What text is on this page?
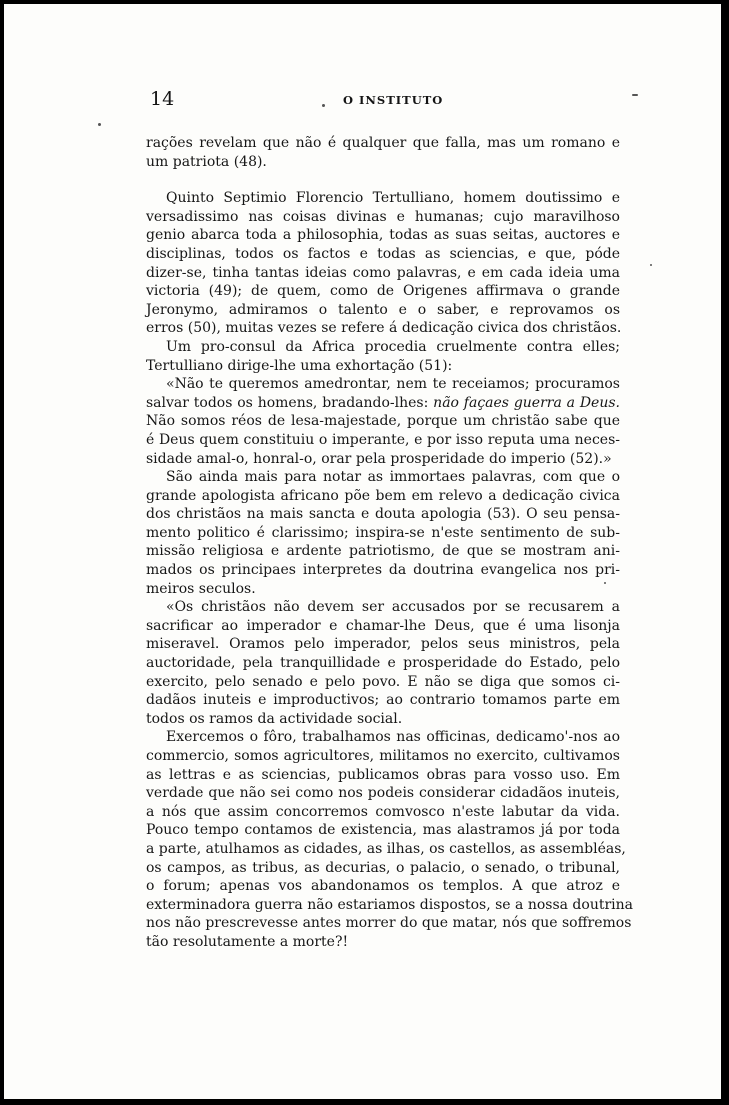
14	O INSTITUTO
rações revelam que não é qualquer que falla, mas um romano e
um patriota (48).
Quinto Septimio Florencio Tertulliano, homem doutissimo e
versadissimo nas coisas divinas e humanas; cujo maravilhoso
genio abarca toda a philosophia, todas as suas seitas, auctores e
disciplinas, todos os factos e todas as sciencias, e que, póde
dizer-se, tinha tantas ideias como palavras, e em cada ideia uma
victoria (49); de quem, como de Origenes affirmava o grande
Jeronymo, admiramos o talento e o saber, e reprovamos os
erros (50), muitas vezes se refere á dedicação civica dos christãos.
Um pro-consul da Africa procedia cruelmente contra elles;
Tertulliano dirige-lhe uma exhortação (51):
«Não te queremos amedrontar, nem te receiamos; procuramos
salvar todos os homens, bradando-lhes: não façaes guerra a Deus.
Não somos réos de lesa-majestade, porque um christão sabe que
é Deus quem constituiu o imperante, e por isso reputa uma neces-
sidade amal-o, honral-o, orar pela prosperidade do imperio (52).»
São ainda mais para notar as immortaes palavras, com que o
grande apologista africano põe bem em relevo a dedicação civica
dos christãos na mais sancta e douta apologia (53). O seu pensa-
mento politico é clarissimo; inspira-se n'este sentimento de sub-
missão religiosa e ardente patriotismo, de que se mostram ani-
mados os principaes interpretes da doutrina evangelica nos pri-
meiros seculos.
«Os christãos não devem ser accusados por se recusarem a
sacrificar ao imperador e chamar-lhe Deus, que é uma lisonja
miseravel. Oramos pelo imperador, pelos seus ministros, pela
auctoridade, pela tranquillidade e prosperidade do Estado, pelo
exercito, pelo senado e pelo povo. E não se diga que somos ci-
dadãos inuteis e improductivos; ao contrario tomamos parte em
todos os ramos da actividade social.
Exercemos o fôro, trabalhamos nas officinas, dedicamo'-nos ao
commercio, somos agricultores, militamos no exercito, cultivamos
as lettras e as sciencias, publicamos obras para vosso uso. Em
verdade que não sei como nos podeis considerar cidadãos inuteis,
a nós que assim concorremos comvosco n'este labutar da vida.
Pouco tempo contamos de existencia, mas alastramos já por toda
a parte, atulhamos as cidades, as ilhas, os castellos, as assembléas,
os campos, as tribus, as decurias, o palacio, o senado, o tribunal,
o forum; apenas vos abandonamos os templos. A que atroz e
exterminadora guerra não estariamos dispostos, se a nossa doutrina
nos não prescrevesse antes morrer do que matar, nós que soffremos
tão resolutamente a morte?!
